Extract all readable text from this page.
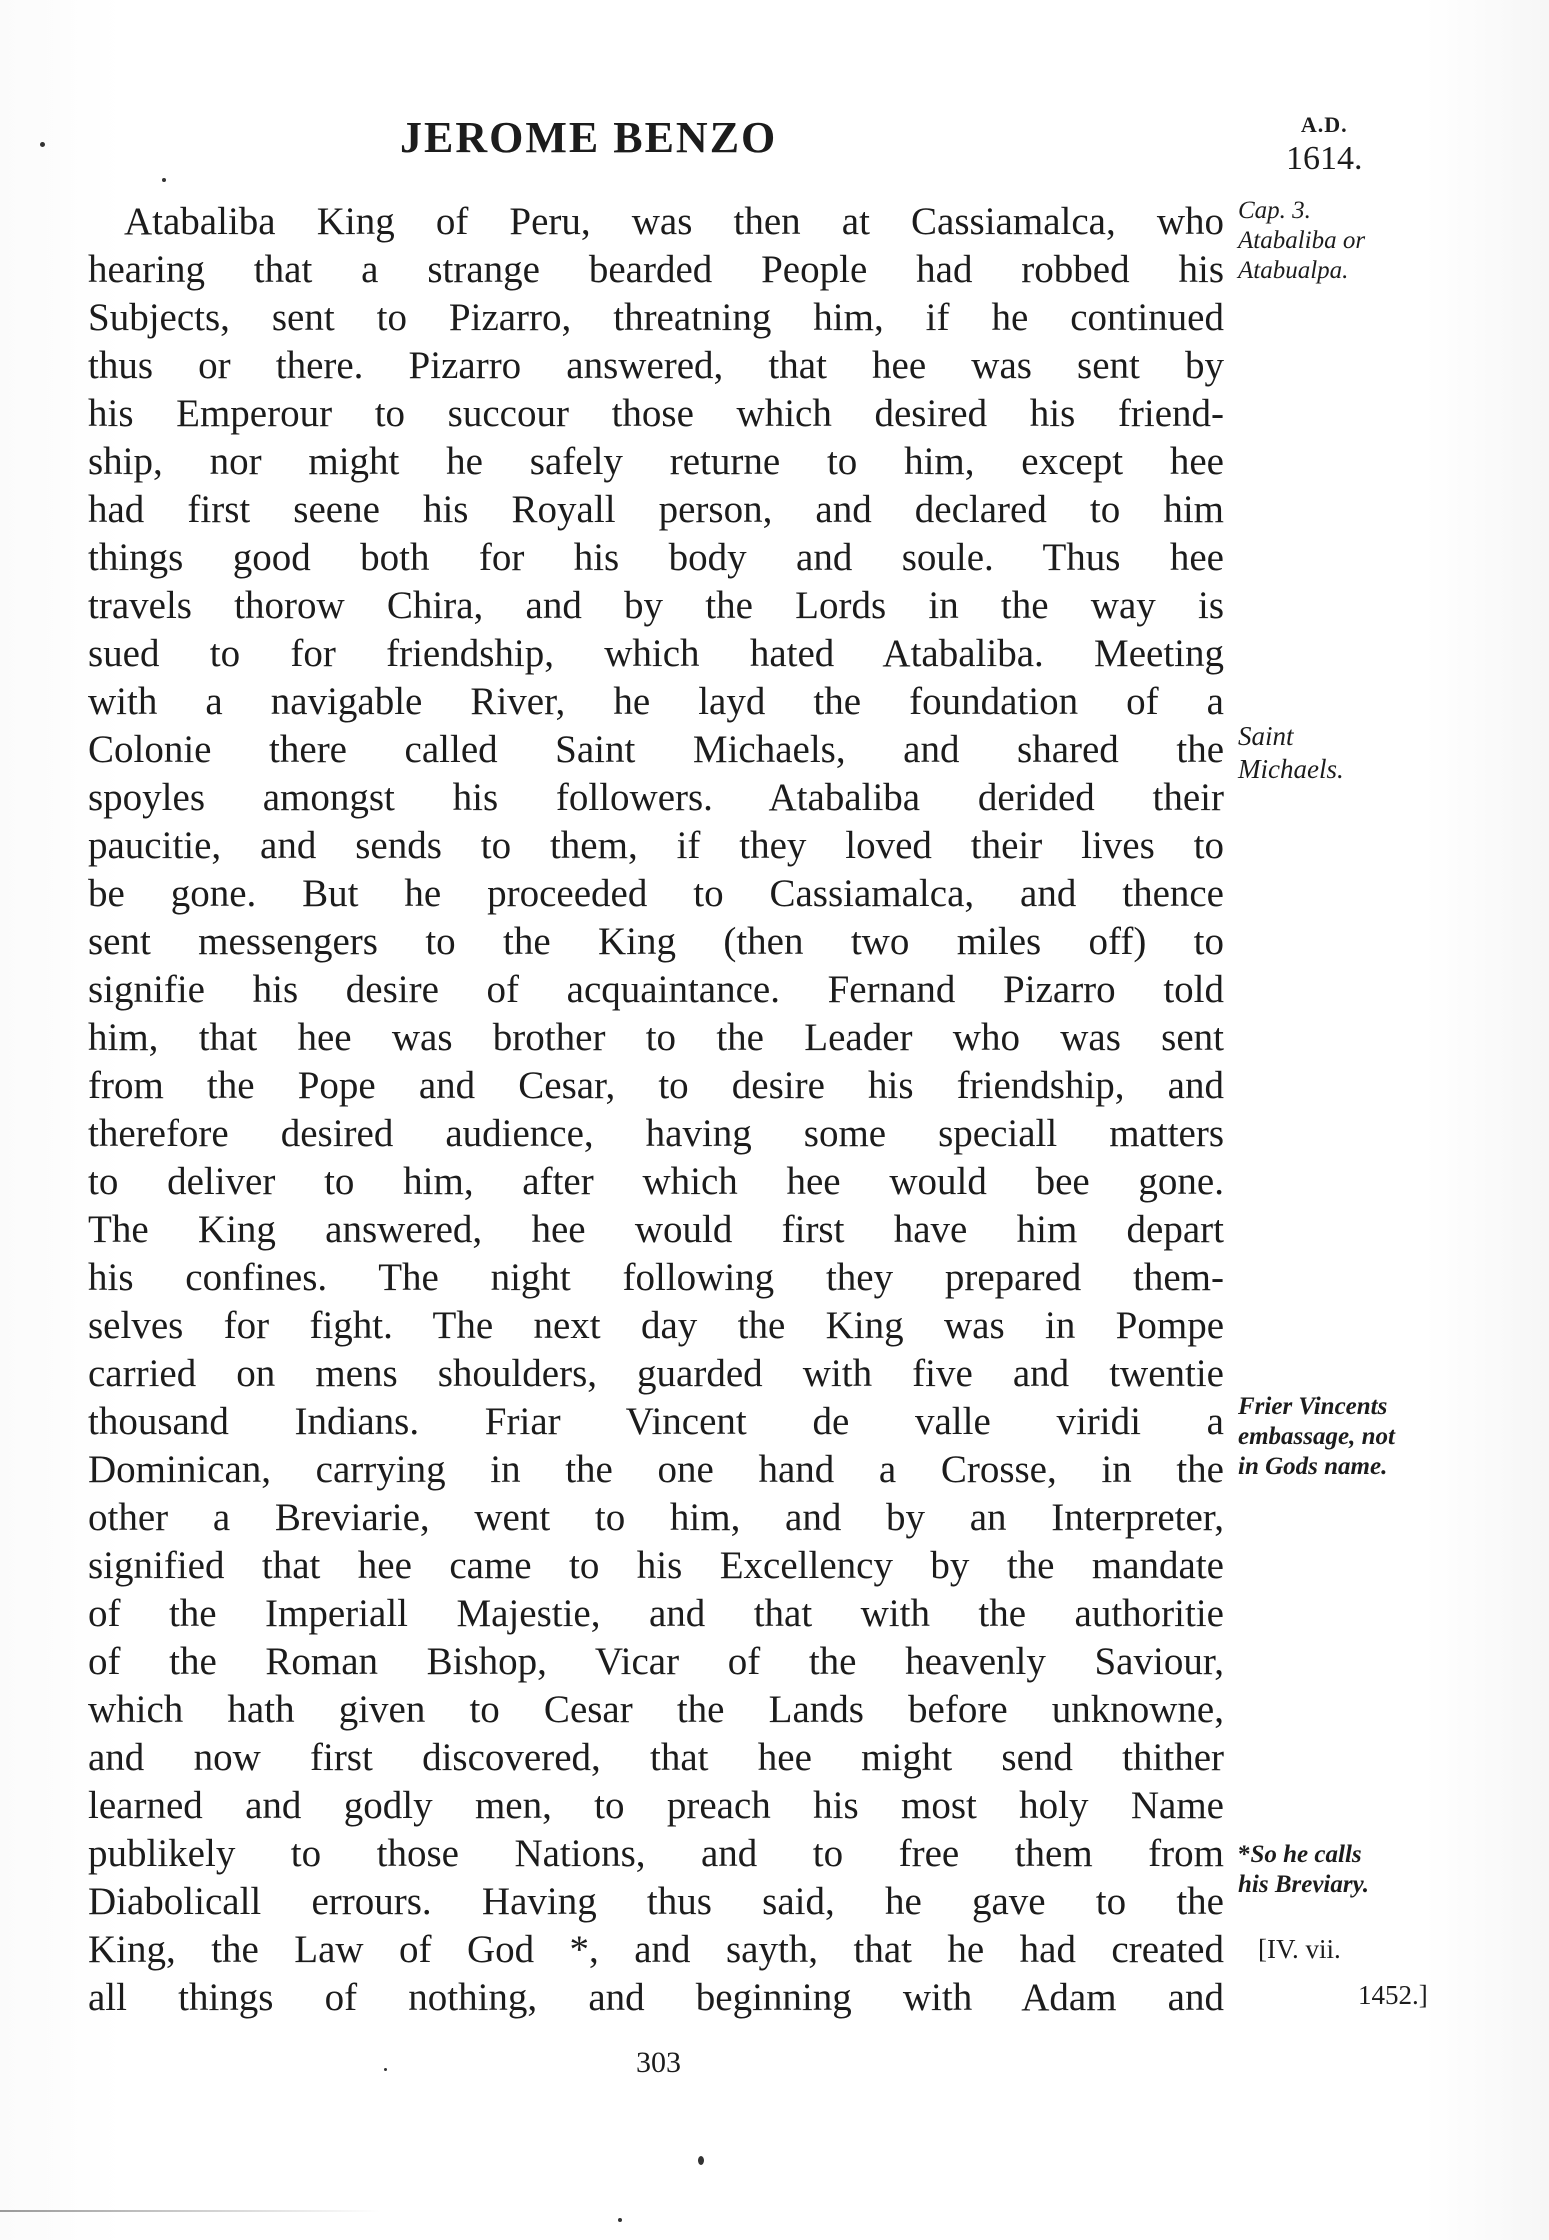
JEROME BENZO	A.D.
1614.
Atabaliba King of Peru, was then at Cassiamalca, who
hearing that a strange bearded People had robbed his
Subjects, sent to Pizarro, threatning him, if he continued
thus or there. Pizarro answered, that hee was sent by
his Emperour to succour those which desired his friend-
ship, nor might he safely returne to him, except hee
had first seene his Royall person, and declared to him
things good both for his body and soule. Thus hee
travels thorow Chira, and by the Lords in the way is
sued to for friendship, which hated Atabaliba. Meeting
with a navigable River, he layd the foundation of a
Colonie there called Saint Michaels, and shared the
spoyles amongst his followers. Atabaliba derided their
paucitie, and sends to them, if they loved their lives to
be gone. But he proceeded to Cassiamalca, and thence
sent messengers to the King (then two miles off) to
signifie his desire of acquaintance. Fernand Pizarro told
him, that hee was brother to the Leader who was sent
from the Pope and Cesar, to desire his friendship, and
therefore desired audience, having some speciall matters
to deliver to him, after which hee would bee gone.
The King answered, hee would first have him depart
his confines. The night following they prepared them-
selves for fight. The next day the King was in Pompe
carried on mens shoulders, guarded with five and twentie
thousand Indians. Friar Vincent de valle viridi a
Dominican, carrying in the one hand a Crosse, in the
other a Breviarie, went to him, and by an Interpreter,
signified that hee came to his Excellency by the mandate
of the Imperiall Majestie, and that with the authoritie
of the Roman Bishop, Vicar of the heavenly Saviour,
which hath given to Cesar the Lands before unknowne,
and now first discovered, that hee might send thither
learned and godly men, to preach his most holy Name
publikely to those Nations, and to free them from
Diabolicall errours. Having thus said, he gave to the
King, the Law of God *, and sayth, that he had created
all things of nothing, and beginning with Adam and

Cap. 3.
Atabaliba or
Atabualpa.

Saint
Michaels.

Frier Vincents
embassage, not
in Gods name.

* So he calls
his Breviary.

[IV. vii.
1452.]

303
